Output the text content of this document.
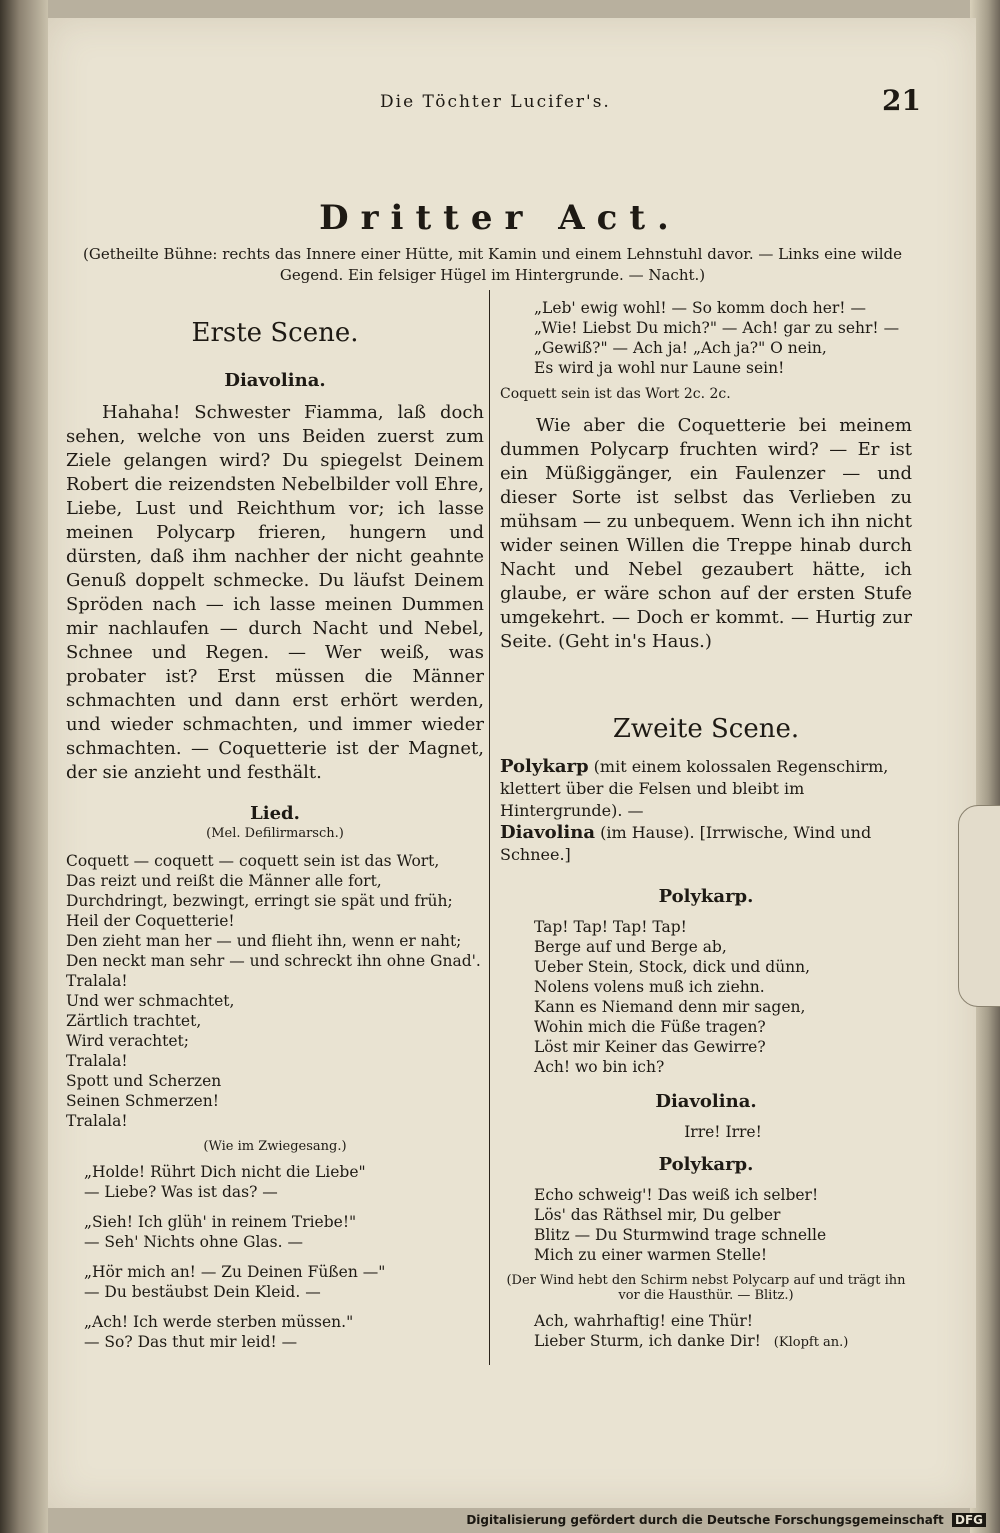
Die Töchter Lucifer's.	21
Dritter Act.
(Getheilte Bühne: rechts das Innere einer Hütte, mit Kamin und einem Lehnstuhl davor. — Links eine wilde Gegend. Ein felsiger Hügel im Hintergrunde. — Nacht.)
Erste Scene.
Diavolina.

Hahaha! Schwester Fiamma, laß doch sehen, welche von uns Beiden zuerst zum Ziele gelangen wird? Du spiegelst Deinem Robert die reizendsten Nebelbilder voll Ehre, Liebe, Lust und Reichthum vor; ich lasse meinen Polycarp frieren, hungern und dürsten, daß ihm nachher der nicht geahnte Genuß doppelt schmecke. Du läufst Deinem Spröden nach — ich lasse meinen Dummen mir nachlaufen — durch Nacht und Nebel, Schnee und Regen. — Wer weiß, was probater ist? Erst müssen die Männer schmachten und dann erst erhört werden, und wieder schmachten, und immer wieder schmachten. — Coquetterie ist der Magnet, der sie anzieht und festhält.

Lied.
(Mel. Defilirmarsch.)
Coquett — coquett — coquett sein ist das Wort,
Das reizt und reißt die Männer alle fort,
Durchdringt, bezwingt, erringt sie spät und früh;
Heil der Coquetterie!
Den zieht man her — und flieht ihn, wenn er naht;
Den neckt man sehr — und schreckt ihn ohne Gnad'.
Tralala!
Und wer schmachtet,
Zärtlich trachtet,
Wird verachtet;
Tralala!
Spott und Scherzen
Seinen Schmerzen!
Tralala!
(Wie im Zwiegesang.)
„Holde! Rührt Dich nicht die Liebe"
— Liebe? Was ist das? —
„Sieh! Ich glüh' in reinem Triebe!"
— Seh' Nichts ohne Glas. —
„Hör mich an! — Zu Deinen Füßen —"
— Du bestäubst Dein Kleid. —
„Ach! Ich werde sterben müssen."
— So? Das thut mir leid! —
„Leb' ewig wohl! — So komm doch her! —
„Wie! Liebst Du mich?" — Ach! gar zu sehr! —
„Gewiß?" — Ach ja! „Ach ja?" O nein,
Es wird ja wohl nur Laune sein!
Coquett sein ist das Wort 2c. 2c.

Wie aber die Coquetterie bei meinem dummen Polycarp fruchten wird? — Er ist ein Müßiggänger, ein Faulenzer — und dieser Sorte ist selbst das Verlieben zu mühsam — zu unbequem. Wenn ich ihn nicht wider seinen Willen die Treppe hinab durch Nacht und Nebel gezaubert hätte, ich glaube, er wäre schon auf der ersten Stufe umgekehrt. — Doch er kommt. — Hurtig zur Seite. (Geht in's Haus.)

Zweite Scene.
Polykarp (mit einem kolossalen Regenschirm, klettert über die Felsen und bleibt im Hintergrunde). —
Diavolina (im Hause). [Irrwische, Wind und Schnee.]
Polykarp.
Tap! Tap! Tap! Tap!
Berge auf und Berge ab,
Ueber Stein, Stock, dick und dünn,
Nolens volens muß ich ziehn.
Kann es Niemand denn mir sagen,
Wohin mich die Füße tragen?
Löst mir Keiner das Gewirre?
Ach! wo bin ich?
Diavolina.
Irre! Irre!
Polykarp.
Echo schweig'! Das weiß ich selber!
Lös' das Räthsel mir, Du gelber
Blitz — Du Sturmwind trage schnelle
Mich zu einer warmen Stelle!
(Der Wind hebt den Schirm nebst Polycarp auf und trägt ihn vor die Hausthür. — Blitz.)
Ach, wahrhaftig! eine Thür!
Lieber Sturm, ich danke Dir! (Klopft an.)
Digitalisierung gefördert durch die Deutsche Forschungsgemeinschaft DFG
